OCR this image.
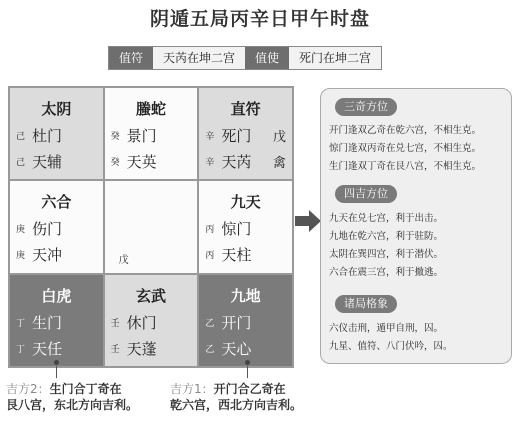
阴遁五局丙辛日甲午时盘
值符	天芮在坤二宫	值使	死门在坤二宫
太阴
己 杜门
己 天辅
螣蛇
癸 景门
癸 天英
直符
辛 死门	戊
辛 天芮	禽
六合
庚 伤门
庚 天冲	戊
九天
丙 惊门
丙 天柱
白虎
丁 生门
丁 天任
玄武
壬 休门
壬 天蓬
九地
乙 开门
乙 天心
吉方2：生门合丁奇在
艮八宫，东北方向吉利。
吉方1：开门合乙奇在
乾六宫，西北方向吉利。
三奇方位
开门逢双乙奇在乾六宫，不相生克。
惊门逢双丙奇在兑七宫，不相生克。
生门逢双丁奇在艮八宫，不相生克。
四吉方位
九天在兑七宫，利于出击。
九地在乾六宫，利于驻防。
太阴在巽四宫，利于潜伏。
六合在震三宫，利于撤逃。
诸局格象
六仪击刑，遁甲自刑，囚。
九星、值符、八门伏吟，囚。
